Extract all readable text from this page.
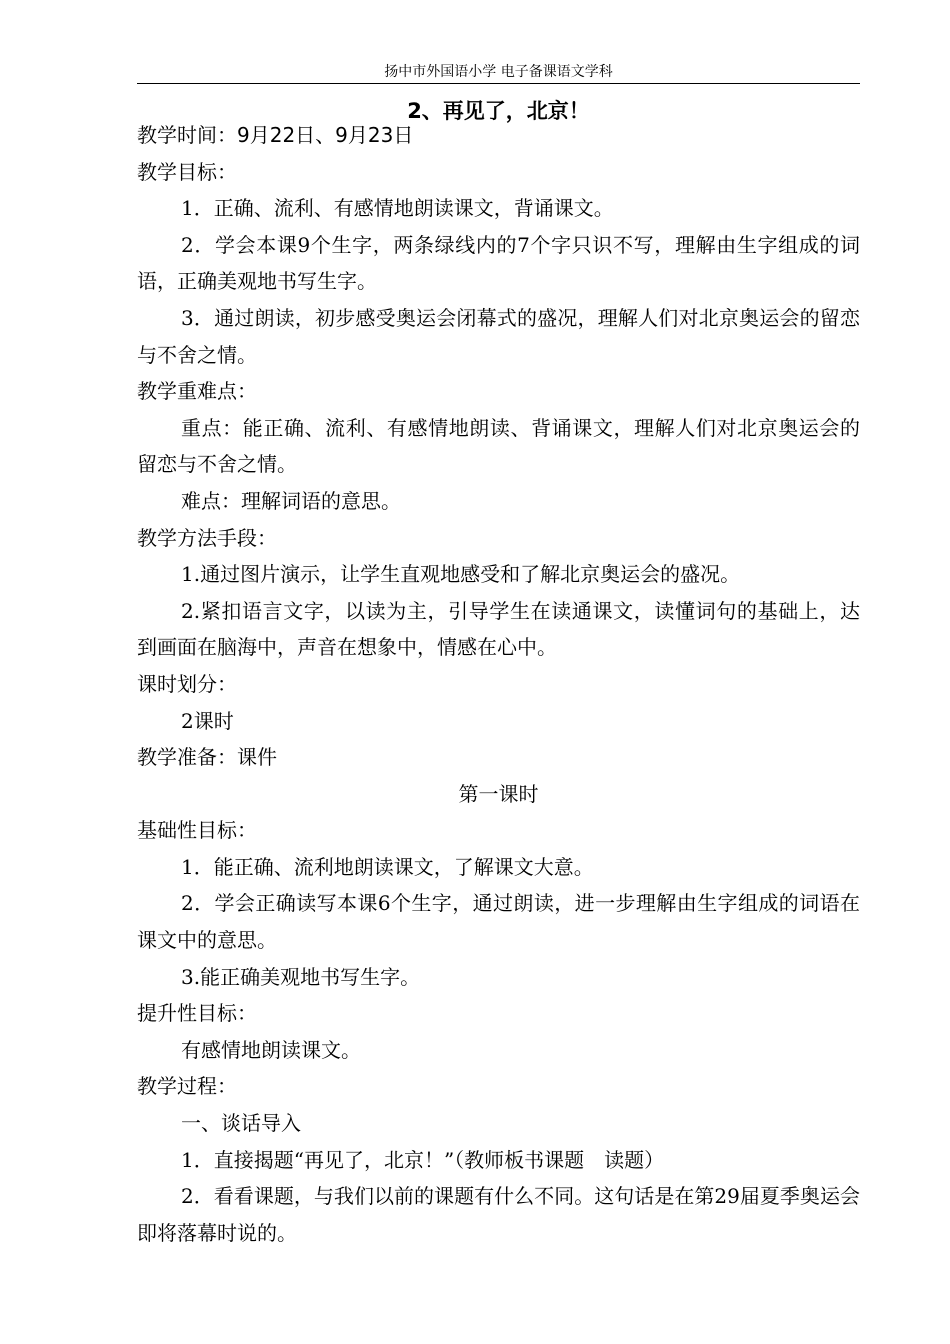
扬中市外国语小学 电子备课语文学科
2、再见了，北京！

教学时间：9月22日、9月23日

教学目标：

1．正确、流利、有感情地朗读课文，背诵课文。

2．学会本课9个生字，两条绿线内的7个字只识不写，理解由生字组成的词语，正确美观地书写生字。

3．通过朗读，初步感受奥运会闭幕式的盛况，理解人们对北京奥运会的留恋与不舍之情。

教学重难点：

重点：能正确、流利、有感情地朗读、背诵课文，理解人们对北京奥运会的留恋与不舍之情。

难点：理解词语的意思。

教学方法手段：

1.通过图片演示，让学生直观地感受和了解北京奥运会的盛况。

2.紧扣语言文字，以读为主，引导学生在读通课文，读懂词句的基础上，达到画面在脑海中，声音在想象中，情感在心中。

课时划分：

2课时

教学准备：课件

第一课时

基础性目标：

1．能正确、流利地朗读课文，了解课文大意。

2．学会正确读写本课6个生字，通过朗读，进一步理解由生字组成的词语在课文中的意思。

3.能正确美观地书写生字。

提升性目标：

有感情地朗读课文。

教学过程：

一、谈话导入

1．直接揭题“再见了，北京！”（教师板书课题　读题）

2．看看课题，与我们以前的课题有什么不同。这句话是在第29届夏季奥运会即将落幕时说的。
